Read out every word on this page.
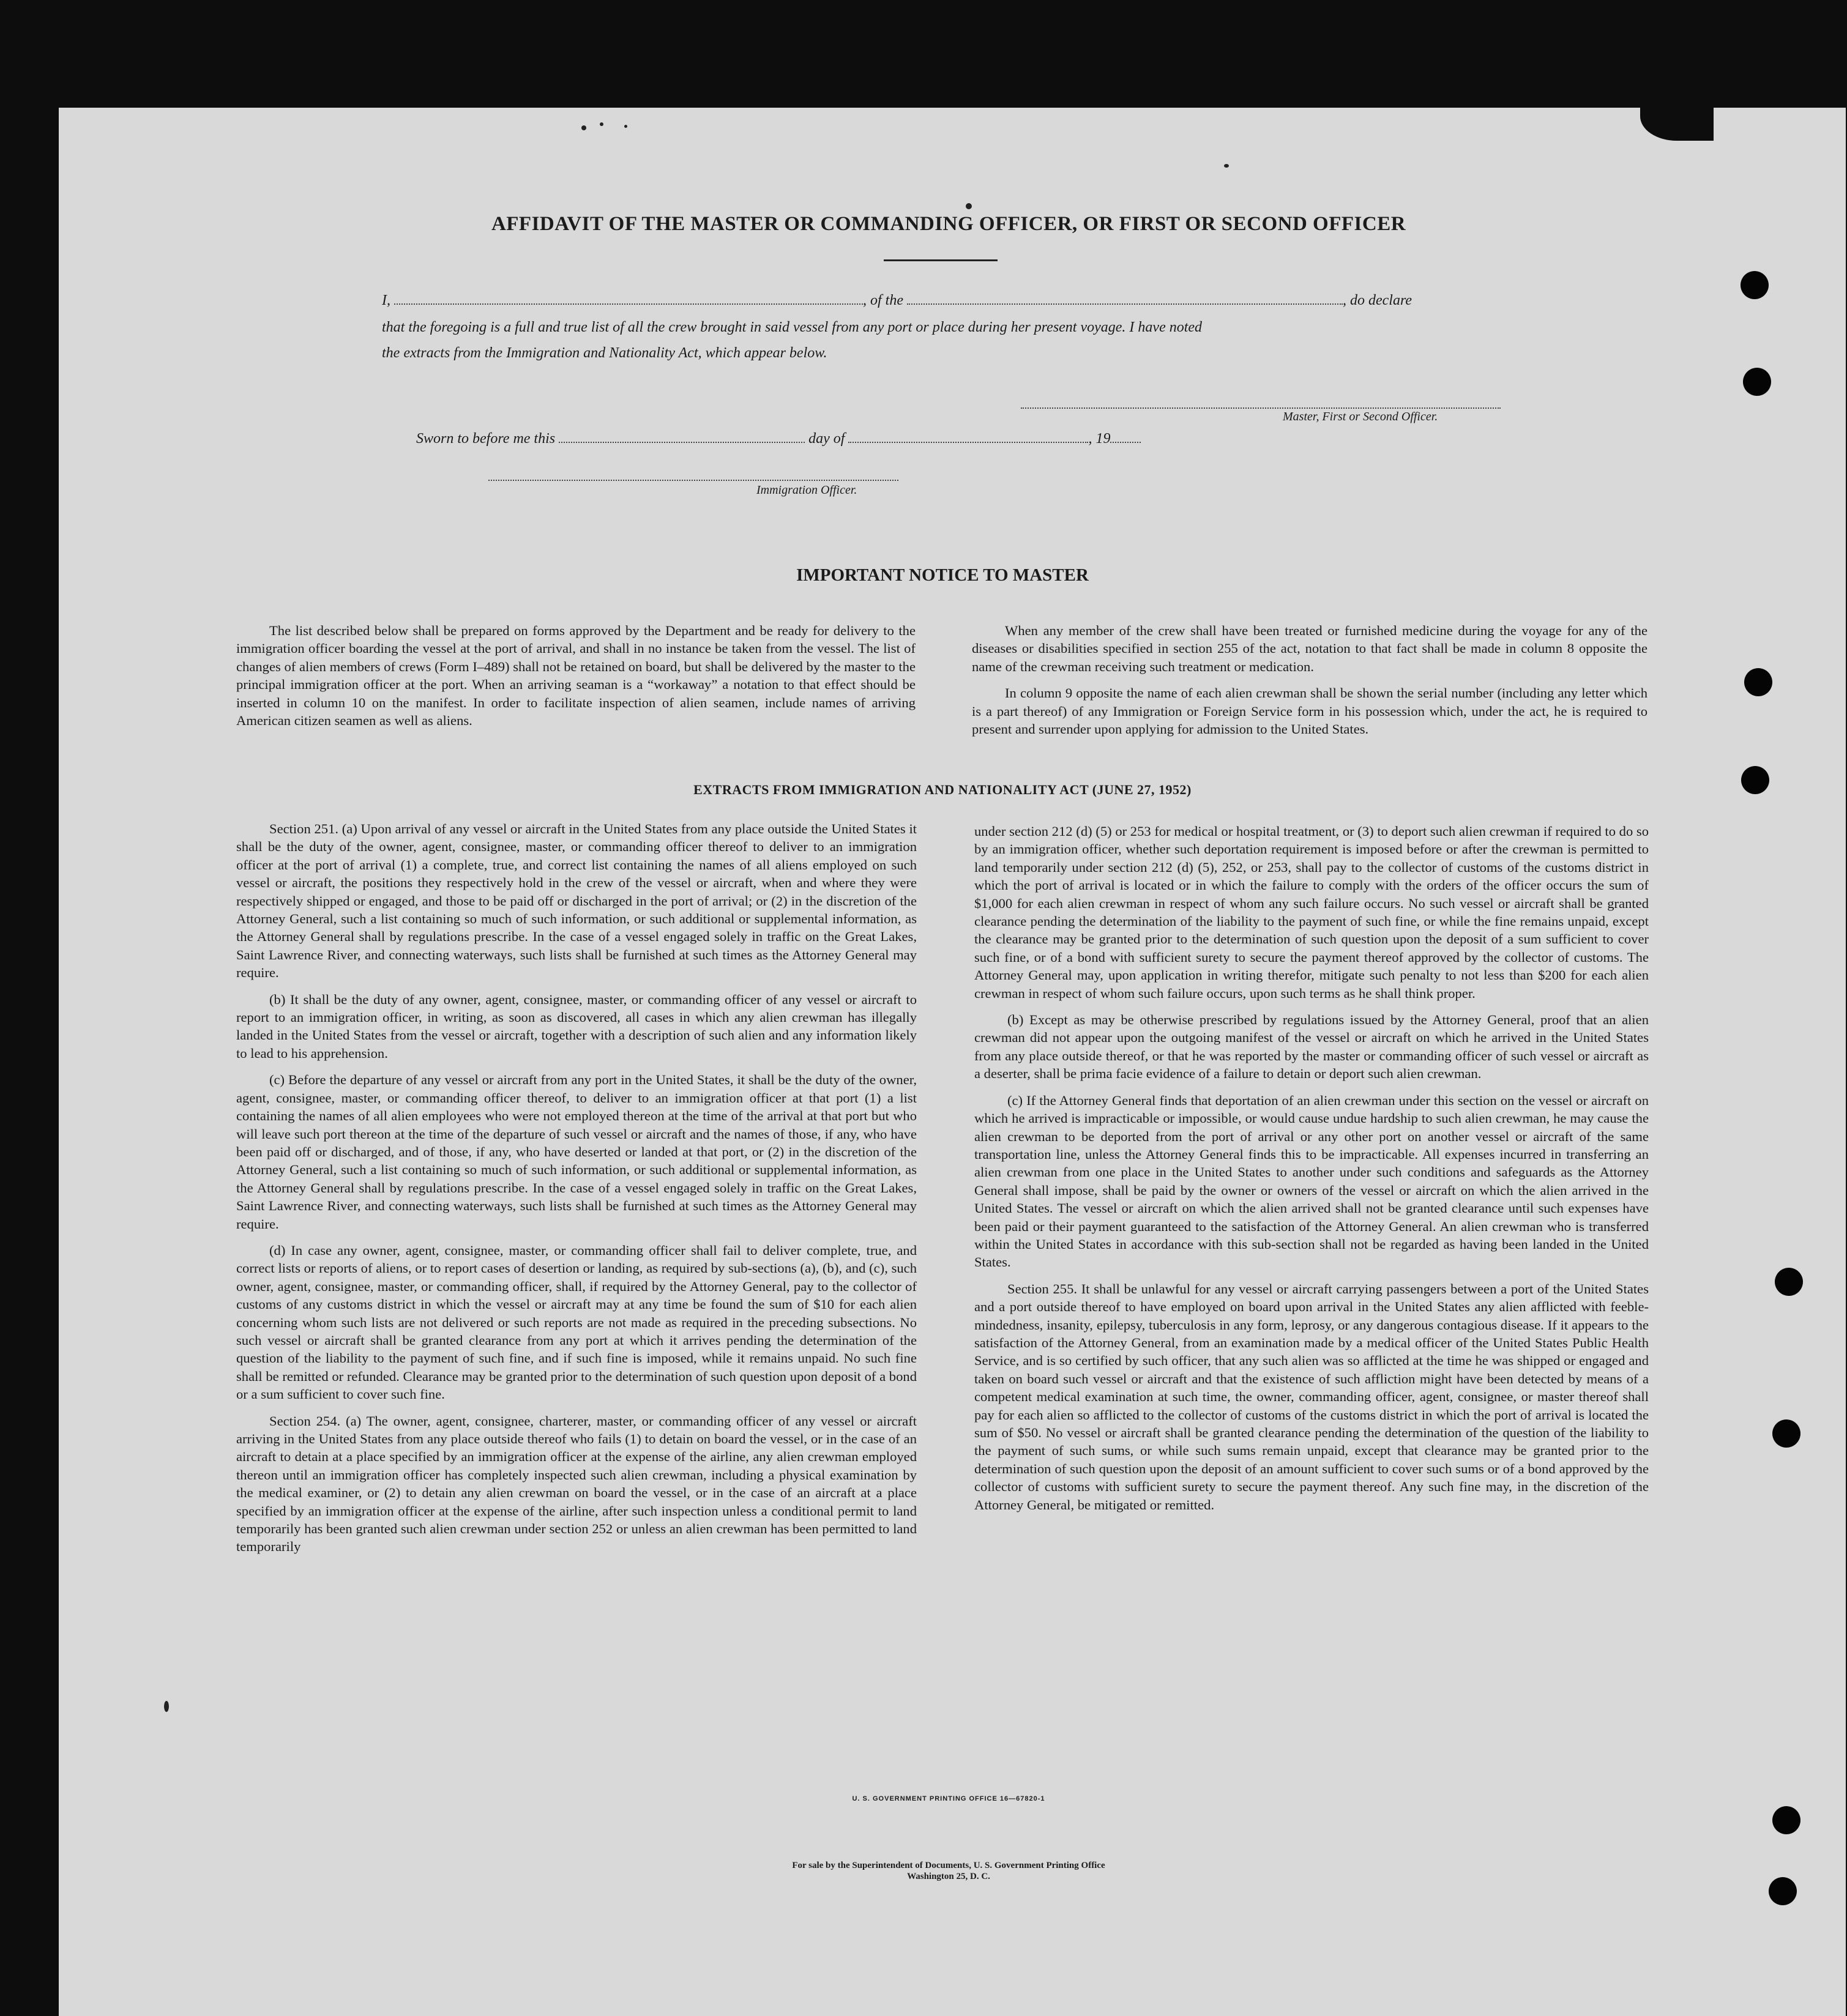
AFFIDAVIT OF THE MASTER OR COMMANDING OFFICER, OR FIRST OR SECOND OFFICER
I,	, of the	, do declare
that the foregoing is a full and true list of all the crew brought in said vessel from any port or place during her present voyage. I have noted
the extracts from the Immigration and Nationality Act, which appear below.
Master, First or Second Officer.
Sworn to before me this	day of	, 19
Immigration Officer.
IMPORTANT NOTICE TO MASTER

The list described below shall be prepared on forms approved by the Department and be ready for delivery to the immigration officer boarding the vessel at the port of arrival, and shall in no instance be taken from the vessel. The list of changes of alien members of crews (Form I–489) shall not be retained on board, but shall be delivered by the master to the principal immigration officer at the port. When an arriving seaman is a “workaway” a notation to that effect should be inserted in column 10 on the manifest. In order to facilitate inspection of alien seamen, include names of arriving American citizen seamen as well as aliens.

When any member of the crew shall have been treated or furnished medicine during the voyage for any of the diseases or disabilities specified in section 255 of the act, notation to that fact shall be made in column 8 opposite the name of the crewman receiving such treatment or medication.

In column 9 opposite the name of each alien crewman shall be shown the serial number (including any letter which is a part thereof) of any Immigration or Foreign Service form in his possession which, under the act, he is required to present and surrender upon applying for admission to the United States.

EXTRACTS FROM IMMIGRATION AND NATIONALITY ACT (JUNE 27, 1952)

Section 251. (a) Upon arrival of any vessel or aircraft in the United States from any place outside the United States it shall be the duty of the owner, agent, consignee, master, or commanding officer thereof to deliver to an immigration officer at the port of arrival (1) a complete, true, and correct list containing the names of all aliens employed on such vessel or aircraft, the positions they respectively hold in the crew of the vessel or aircraft, when and where they were respectively shipped or engaged, and those to be paid off or discharged in the port of arrival; or (2) in the discretion of the Attorney General, such a list containing so much of such information, or such additional or supplemental information, as the Attorney General shall by regulations prescribe. In the case of a vessel engaged solely in traffic on the Great Lakes, Saint Lawrence River, and connecting waterways, such lists shall be furnished at such times as the Attorney General may require.

(b) It shall be the duty of any owner, agent, consignee, master, or commanding officer of any vessel or aircraft to report to an immigration officer, in writing, as soon as discovered, all cases in which any alien crewman has illegally landed in the United States from the vessel or aircraft, together with a description of such alien and any information likely to lead to his apprehension.

(c) Before the departure of any vessel or aircraft from any port in the United States, it shall be the duty of the owner, agent, consignee, master, or commanding officer thereof, to deliver to an immigration officer at that port (1) a list containing the names of all alien employees who were not employed thereon at the time of the arrival at that port but who will leave such port thereon at the time of the departure of such vessel or aircraft and the names of those, if any, who have been paid off or discharged, and of those, if any, who have deserted or landed at that port, or (2) in the discretion of the Attorney General, such a list containing so much of such information, or such additional or supplemental information, as the Attorney General shall by regulations prescribe. In the case of a vessel engaged solely in traffic on the Great Lakes, Saint Lawrence River, and connecting waterways, such lists shall be furnished at such times as the Attorney General may require.

(d) In case any owner, agent, consignee, master, or commanding officer shall fail to deliver complete, true, and correct lists or reports of aliens, or to report cases of desertion or landing, as required by sub-sections (a), (b), and (c), such owner, agent, consignee, master, or commanding officer, shall, if required by the Attorney General, pay to the collector of customs of any customs district in which the vessel or aircraft may at any time be found the sum of $10 for each alien concerning whom such lists are not delivered or such reports are not made as required in the preceding subsections. No such vessel or aircraft shall be granted clearance from any port at which it arrives pending the determination of the question of the liability to the payment of such fine, and if such fine is imposed, while it remains unpaid. No such fine shall be remitted or refunded. Clearance may be granted prior to the determination of such question upon deposit of a bond or a sum sufficient to cover such fine.

Section 254. (a) The owner, agent, consignee, charterer, master, or commanding officer of any vessel or aircraft arriving in the United States from any place outside thereof who fails (1) to detain on board the vessel, or in the case of an aircraft to detain at a place specified by an immigration officer at the expense of the airline, any alien crewman employed thereon until an immigration officer has completely inspected such alien crewman, including a physical examination by the medical examiner, or (2) to detain any alien crewman on board the vessel, or in the case of an aircraft at a place specified by an immigration officer at the expense of the airline, after such inspection unless a conditional permit to land temporarily has been granted such alien crewman under section 252 or unless an alien crewman has been permitted to land temporarily

under section 212 (d) (5) or 253 for medical or hospital treatment, or (3) to deport such alien crewman if required to do so by an immigration officer, whether such deportation requirement is imposed before or after the crewman is permitted to land temporarily under section 212 (d) (5), 252, or 253, shall pay to the collector of customs of the customs district in which the port of arrival is located or in which the failure to comply with the orders of the officer occurs the sum of $1,000 for each alien crewman in respect of whom any such failure occurs. No such vessel or aircraft shall be granted clearance pending the determination of the liability to the payment of such fine, or while the fine remains unpaid, except the clearance may be granted prior to the determination of such question upon the deposit of a sum sufficient to cover such fine, or of a bond with sufficient surety to secure the payment thereof approved by the collector of customs. The Attorney General may, upon application in writing therefor, mitigate such penalty to not less than $200 for each alien crewman in respect of whom such failure occurs, upon such terms as he shall think proper.

(b) Except as may be otherwise prescribed by regulations issued by the Attorney General, proof that an alien crewman did not appear upon the outgoing manifest of the vessel or aircraft on which he arrived in the United States from any place outside thereof, or that he was reported by the master or commanding officer of such vessel or aircraft as a deserter, shall be prima facie evidence of a failure to detain or deport such alien crewman.

(c) If the Attorney General finds that deportation of an alien crewman under this section on the vessel or aircraft on which he arrived is impracticable or impossible, or would cause undue hardship to such alien crewman, he may cause the alien crewman to be deported from the port of arrival or any other port on another vessel or aircraft of the same transportation line, unless the Attorney General finds this to be impracticable. All expenses incurred in transferring an alien crewman from one place in the United States to another under such conditions and safeguards as the Attorney General shall impose, shall be paid by the owner or owners of the vessel or aircraft on which the alien arrived in the United States. The vessel or aircraft on which the alien arrived shall not be granted clearance until such expenses have been paid or their payment guaranteed to the satisfaction of the Attorney General. An alien crewman who is transferred within the United States in accordance with this sub-section shall not be regarded as having been landed in the United States.

Section 255. It shall be unlawful for any vessel or aircraft carrying passengers between a port of the United States and a port outside thereof to have employed on board upon arrival in the United States any alien afflicted with feeble-mindedness, insanity, epilepsy, tuberculosis in any form, leprosy, or any dangerous contagious disease. If it appears to the satisfaction of the Attorney General, from an examination made by a medical officer of the United States Public Health Service, and is so certified by such officer, that any such alien was so afflicted at the time he was shipped or engaged and taken on board such vessel or aircraft and that the existence of such affliction might have been detected by means of a competent medical examination at such time, the owner, commanding officer, agent, consignee, or master thereof shall pay for each alien so afflicted to the collector of customs of the customs district in which the port of arrival is located the sum of $50. No vessel or aircraft shall be granted clearance pending the determination of the question of the liability to the payment of such sums, or while such sums remain unpaid, except that clearance may be granted prior to the determination of such question upon the deposit of an amount sufficient to cover such sums or of a bond approved by the collector of customs with sufficient surety to secure the payment thereof. Any such fine may, in the discretion of the Attorney General, be mitigated or remitted.

U. S. GOVERNMENT PRINTING OFFICE 16—67820-1
For sale by the Superintendent of Documents, U. S. Government Printing Office
Washington 25, D. C.
